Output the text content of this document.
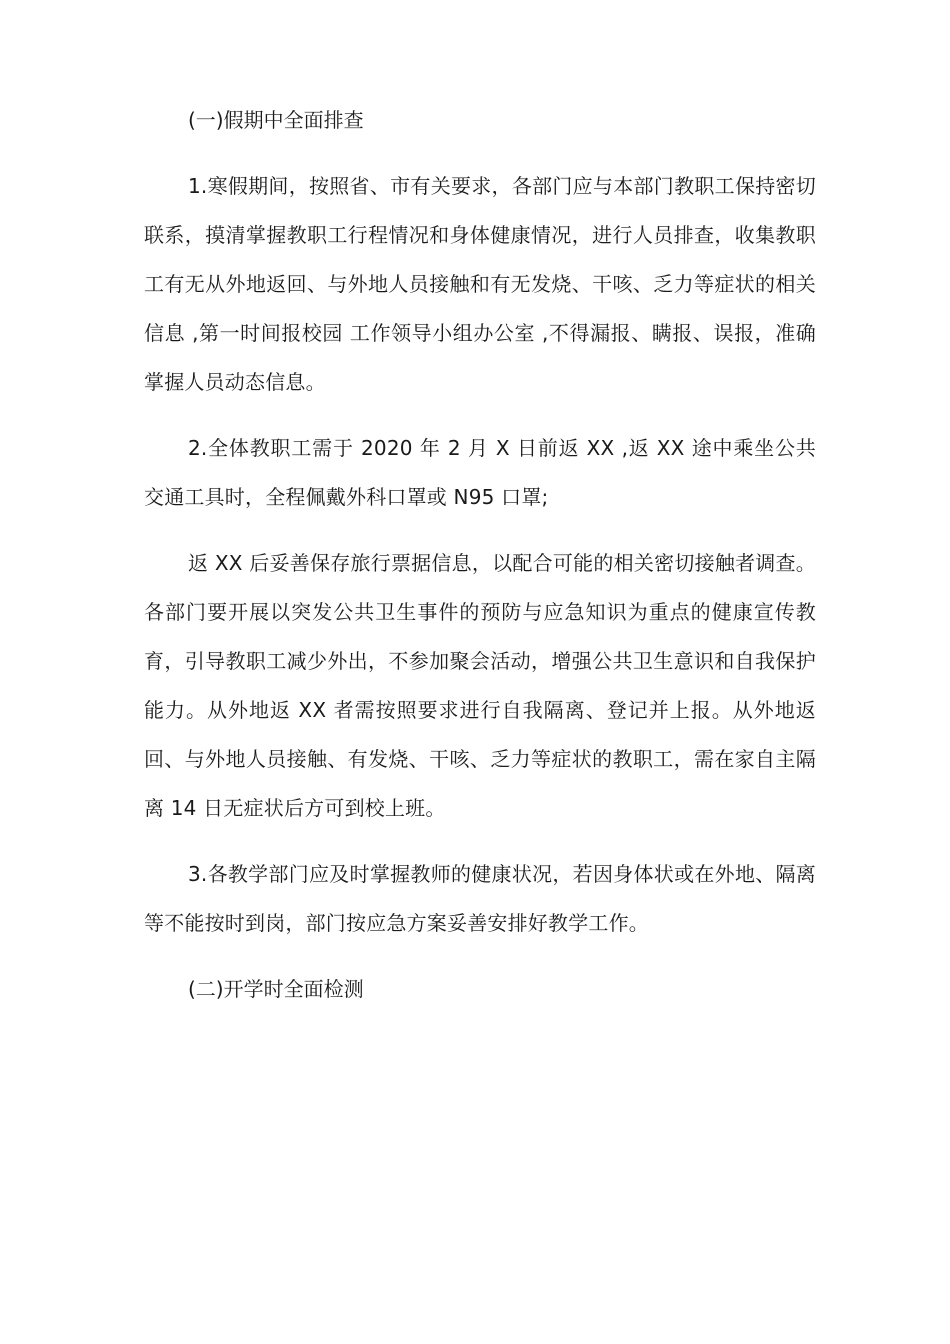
(一)假期中全面排查

1.寒假期间，按照省、市有关要求，各部门应与本部门教职工保持密切联系，摸清掌握教职工行程情况和身体健康情况，进行人员排查，收集教职工有无从外地返回、与外地人员接触和有无发烧、干咳、乏力等症状的相关信息 ,第一时间报校园 工作领导小组办公室 ,不得漏报、瞒报、误报，准确掌握人员动态信息。

2.全体教职工需于 2020 年 2 月 X 日前返 XX ,返 XX 途中乘坐公共交通工具时，全程佩戴外科口罩或 N95 口罩;

返 XX 后妥善保存旅行票据信息，以配合可能的相关密切接触者调查。各部门要开展以突发公共卫生事件的预防与应急知识为重点的健康宣传教育，引导教职工减少外出，不参加聚会活动，增强公共卫生意识和自我保护能力。从外地返 XX 者需按照要求进行自我隔离、登记并上报。从外地返回、与外地人员接触、有发烧、干咳、乏力等症状的教职工，需在家自主隔离 14 日无症状后方可到校上班。

3.各教学部门应及时掌握教师的健康状况，若因身体状或在外地、隔离等不能按时到岗，部门按应急方案妥善安排好教学工作。

(二)开学时全面检测
